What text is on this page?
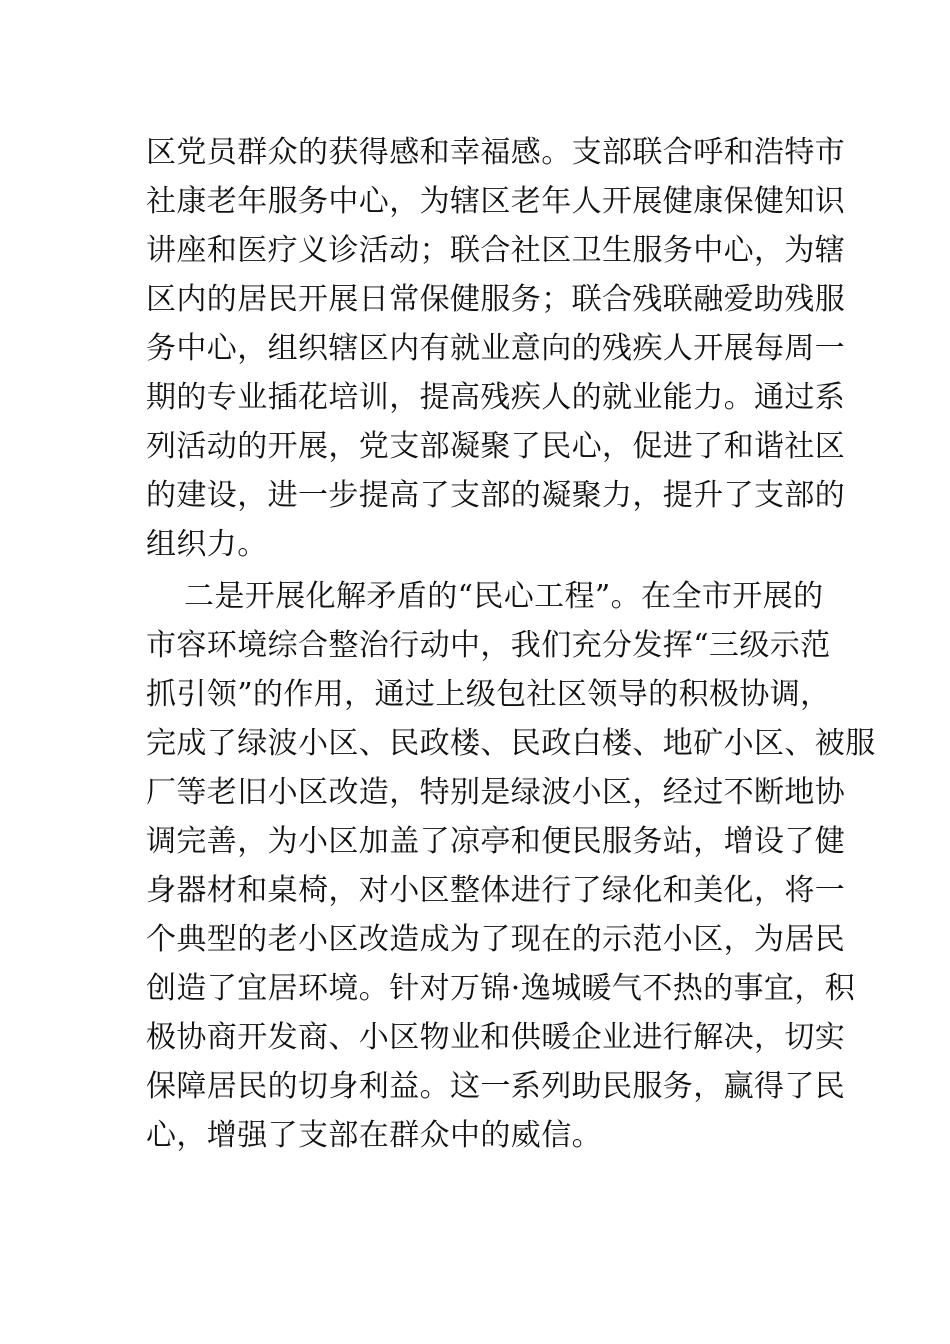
区党员群众的获得感和幸福感。支部联合呼和浩特市
社康老年服务中心，为辖区老年人开展健康保健知识
讲座和医疗义诊活动；联合社区卫生服务中心，为辖
区内的居民开展日常保健服务；联合残联融爱助残服
务中心，组织辖区内有就业意向的残疾人开展每周一
期的专业插花培训，提高残疾人的就业能力。通过系
列活动的开展，党支部凝聚了民心，促进了和谐社区
的建设，进一步提高了支部的凝聚力，提升了支部的
组织力。
二是开展化解矛盾的“民心工程”。在全市开展的
市容环境综合整治行动中，我们充分发挥“三级示范
抓引领”的作用，通过上级包社区领导的积极协调，
完成了绿波小区、民政楼、民政白楼、地矿小区、被服
厂等老旧小区改造，特别是绿波小区，经过不断地协
调完善，为小区加盖了凉亭和便民服务站，增设了健
身器材和桌椅，对小区整体进行了绿化和美化，将一
个典型的老小区改造成为了现在的示范小区，为居民
创造了宜居环境。针对万锦·逸城暖气不热的事宜，积
极协商开发商、小区物业和供暖企业进行解决，切实
保障居民的切身利益。这一系列助民服务，赢得了民
心，增强了支部在群众中的威信。
